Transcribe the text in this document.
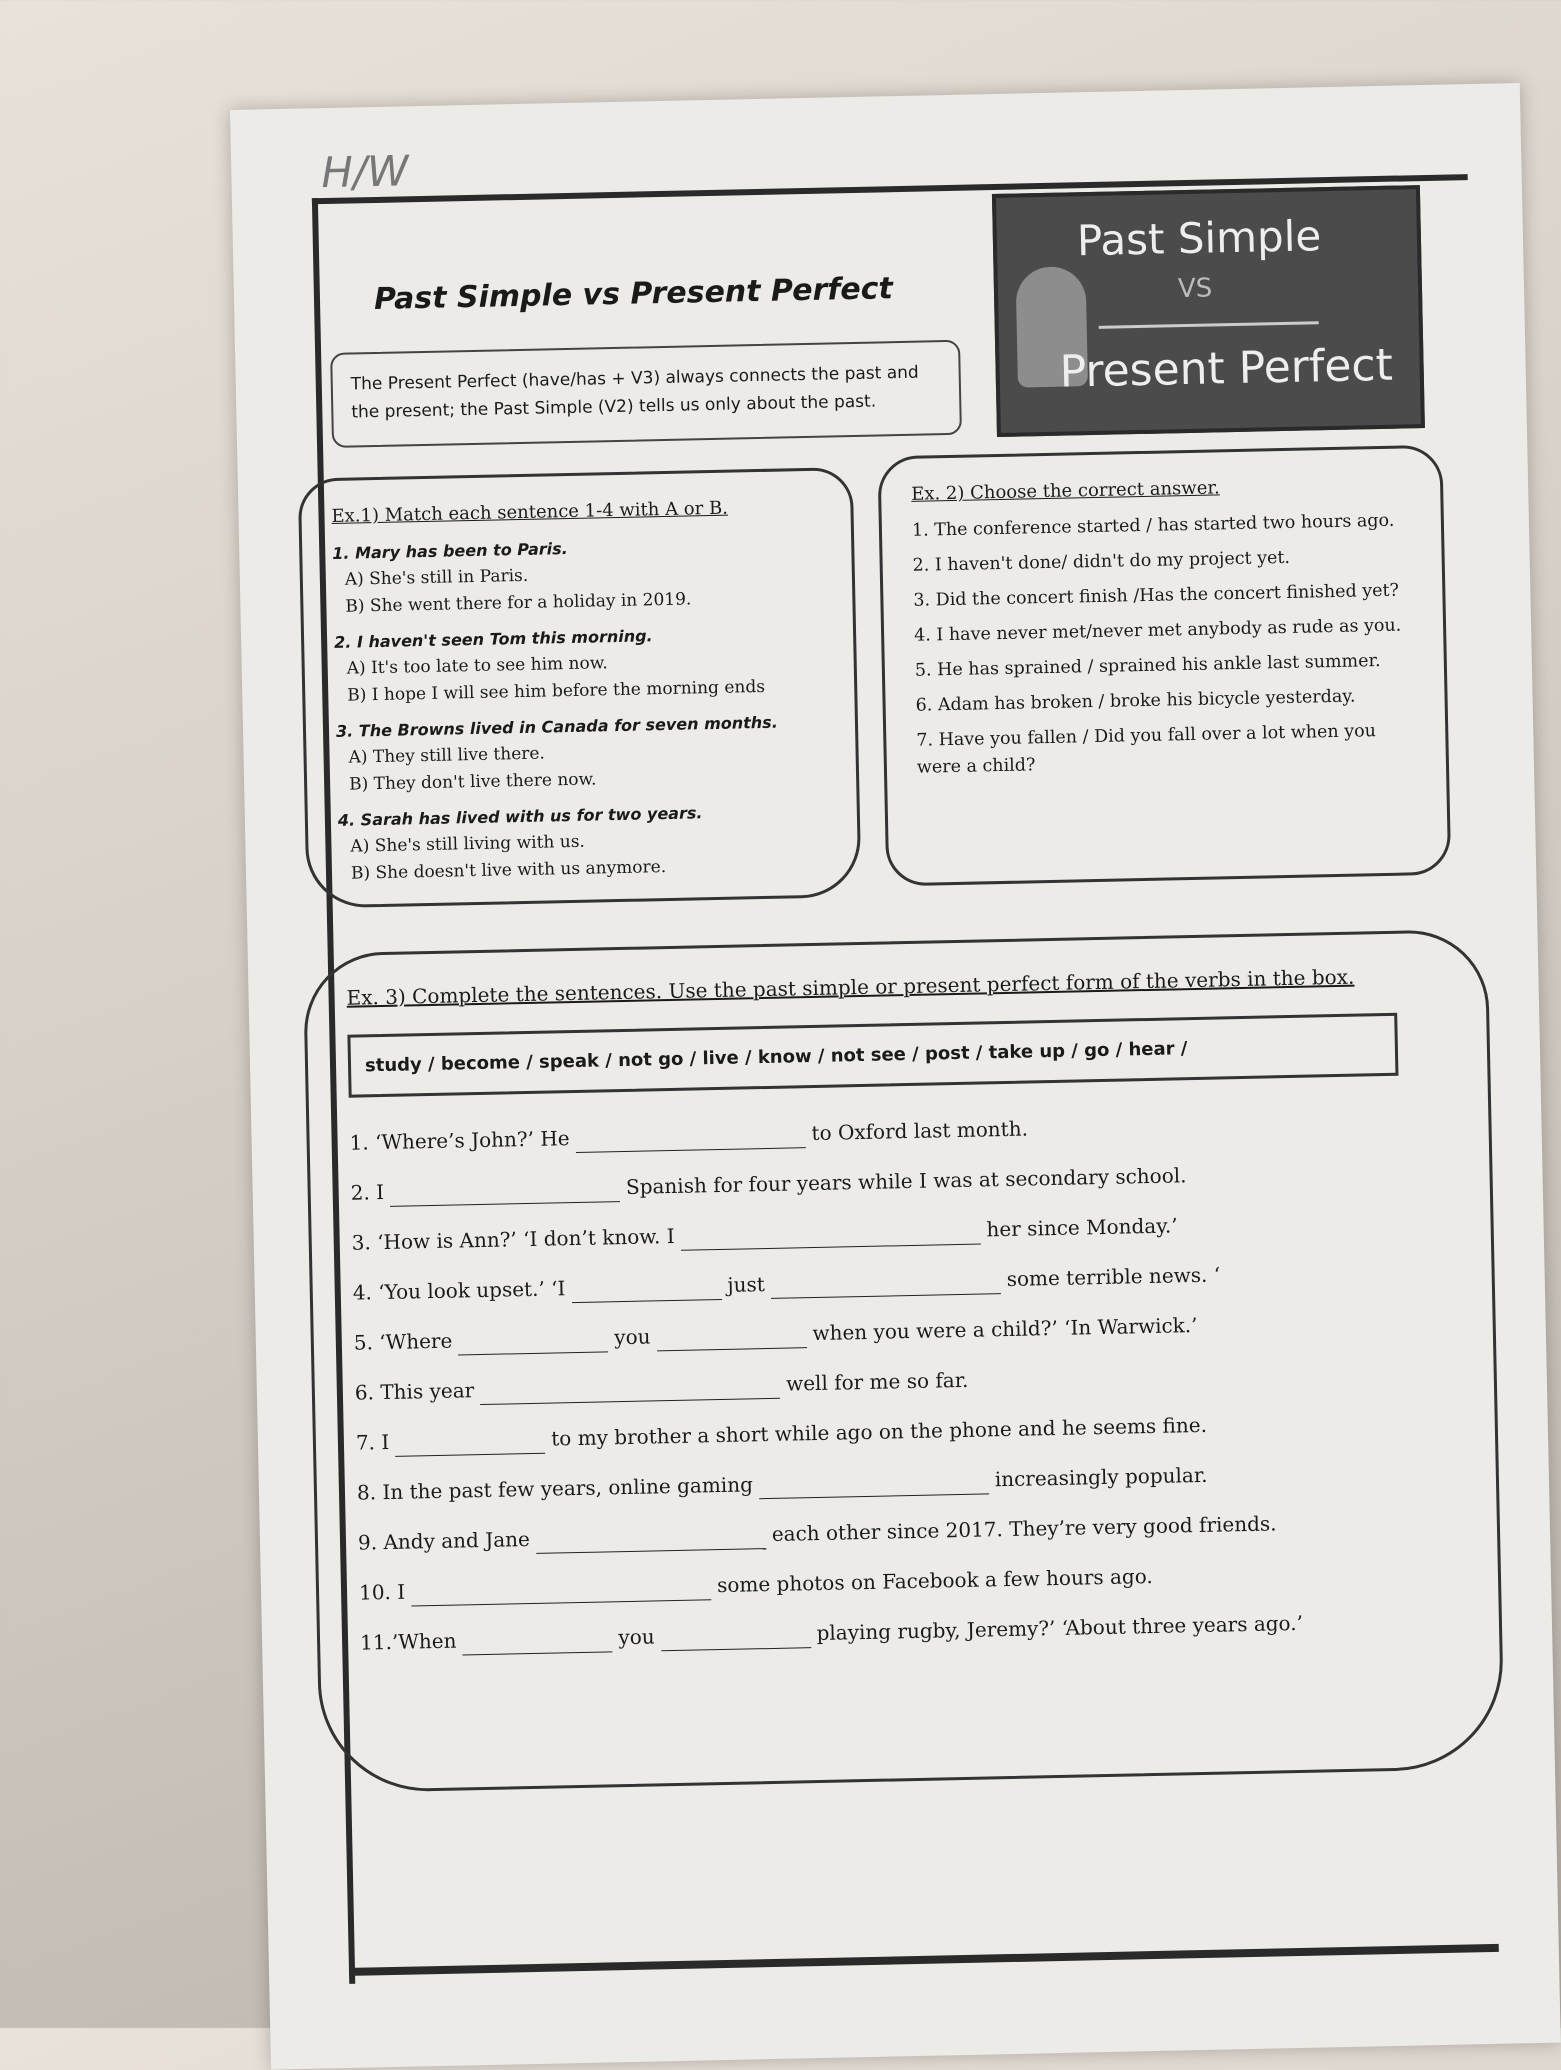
H/W
Past Simple vs Present Perfect
The Present Perfect (have/has + V3) always connects the past and the present; the Past Simple (V2) tells us only about the past.
Past Simple
VS
Present Perfect
Ex.1) Match each sentence 1-4 with A or B.
1. Mary has been to Paris.
A) She's still in Paris.
B) She went there for a holiday in 2019.
2. I haven't seen Tom this morning.
A) It's too late to see him now.
B) I hope I will see him before the morning ends
3. The Browns lived in Canada for seven months.
A) They still live there.
B) They don't live there now.
4. Sarah has lived with us for two years.
A) She's still living with us.
B) She doesn't live with us anymore.
Ex. 2) Choose the correct answer.
1. The conference started / has started two hours ago.
2. I haven't done/ didn't do my project yet.
3. Did the concert finish /Has the concert finished yet?
4. I have never met/never met anybody as rude as you.
5. He has sprained / sprained his ankle last summer.
6. Adam has broken / broke his bicycle yesterday.
7. Have you fallen / Did you fall over a lot when you were a child?
Ex. 3) Complete the sentences. Use the past simple or present perfect form of the verbs in the box.
study / become / speak / not go / live / know / not see / post / take up / go / hear /
1. ‘Where’s John?’ He	to Oxford last month.
2. I	Spanish for four years while I was at secondary school.
3. ‘How is Ann?’ ‘I don’t know. I	her since Monday.’
4. ‘You look upset.’ ‘I	just	some terrible news. ‘
5. ‘Where	you	when you were a child?’ ‘In Warwick.’
6. This year	well for me so far.
7. I	to my brother a short while ago on the phone and he seems fine.
8. In the past few years, online gaming	increasingly popular.
9. Andy and Jane	each other since 2017. They’re very good friends.
10. I	some photos on Facebook a few hours ago.
11.’When	you	playing rugby, Jeremy?’ ‘About three years ago.’
